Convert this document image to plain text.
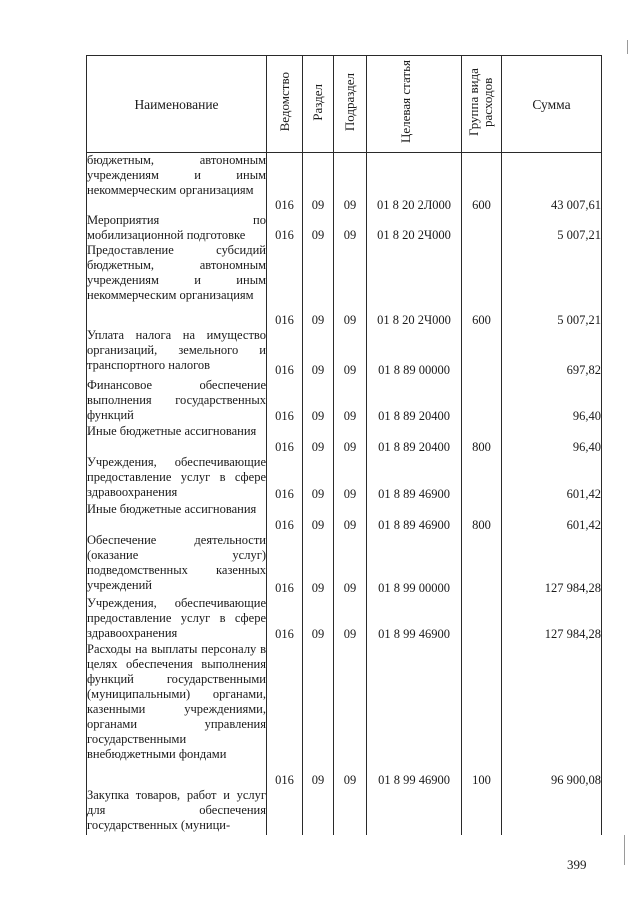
Наименование	Ведомство	Раздел	Подраздел	Целевая статья	Группа вида расходов	Сумма
бюджетным, автономным учреждениям и иным некоммерческим организациям	016	09	09	01 8 20 2Л000	600	43 007,61
Мероприятия по мобилизационной подготовке	016	09	09	01 8 20 2Ч000		5 007,21
Предоставление субсидий бюджетным, автономным учреждениям и иным некоммерческим организациям	016	09	09	01 8 20 2Ч000	600	5 007,21
Уплата налога на имущество организаций, земельного и транспортного налогов	016	09	09	01 8 89 00000		697,82
Финансовое обеспечение выполнения государственных функций	016	09	09	01 8 89 20400		96,40
Иные бюджетные ассигнования	016	09	09	01 8 89 20400	800	96,40
Учреждения, обеспечивающие предоставление услуг в сфере здравоохранения	016	09	09	01 8 89 46900		601,42
Иные бюджетные ассигнования	016	09	09	01 8 89 46900	800	601,42
Обеспечение деятельности (оказание услуг) подведомственных казенных учреждений	016	09	09	01 8 99 00000		127 984,28
Учреждения, обеспечивающие предоставление услуг в сфере здравоохранения	016	09	09	01 8 99 46900		127 984,28
Расходы на выплаты персоналу в целях обеспечения выполнения функций государственными (муниципальными) органами, казенными учреждениями, органами управления государственными внебюджетными фондами	016	09	09	01 8 99 46900	100	96 900,08
Закупка товаров, работ и услуг для обеспечения государственных (муници-						
399
